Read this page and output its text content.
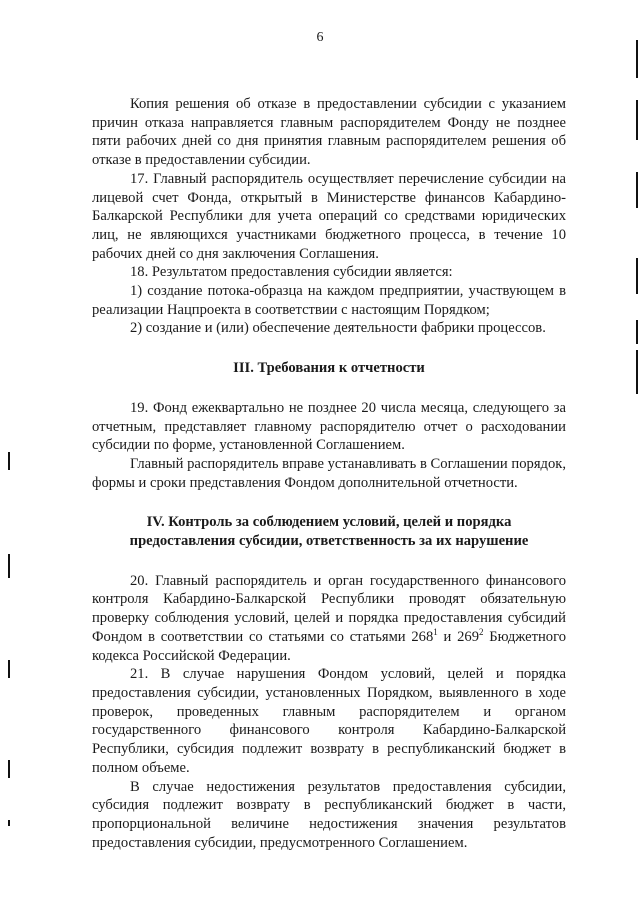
6

Копия решения об отказе в предоставлении субсидии с указанием причин отказа направляется главным распорядителем Фонду не позднее пяти рабочих дней со дня принятия главным распорядителем решения об отказе в предоставлении субсидии.

17. Главный распорядитель осуществляет перечисление субсидии на лицевой счет Фонда, открытый в Министерстве финансов Кабардино-Балкарской Республики для учета операций со средствами юридических лиц, не являющихся участниками бюджетного процесса, в течение 10 рабочих дней со дня заключения Соглашения.

18. Результатом предоставления субсидии является:

1) создание потока-образца на каждом предприятии, участвующем в реализации Нацпроекта в соответствии с настоящим Порядком;

2) создание и (или) обеспечение деятельности фабрики процессов.

III. Требования к отчетности

19. Фонд ежеквартально не позднее 20 числа месяца, следующего за отчетным, представляет главному распорядителю отчет о расходовании субсидии по форме, установленной Соглашением.

Главный распорядитель вправе устанавливать в Соглашении порядок, формы и сроки представления Фондом дополнительной отчетности.

IV. Контроль за соблюдением условий, целей и порядка
предоставления субсидии, ответственность за их нарушение

20. Главный распорядитель и орган государственного финансового контроля Кабардино-Балкарской Республики проводят обязательную проверку соблюдения условий, целей и порядка предоставления субсидий Фондом в соответствии со статьями со статьями $268^1$ и $269^2$ Бюджетного кодекса Российской Федерации.

21. В случае нарушения Фондом условий, целей и порядка предоставления субсидии, установленных Порядком, выявленного в ходе проверок, проведенных главным распорядителем и органом государственного финансового контроля Кабардино-Балкарской Республики, субсидия подлежит возврату в республиканский бюджет в полном объеме.

В случае недостижения результатов предоставления субсидии, субсидия подлежит возврату в республиканский бюджет в части, пропорциональной величине недостижения значения результатов предоставления субсидии, предусмотренного Соглашением.
